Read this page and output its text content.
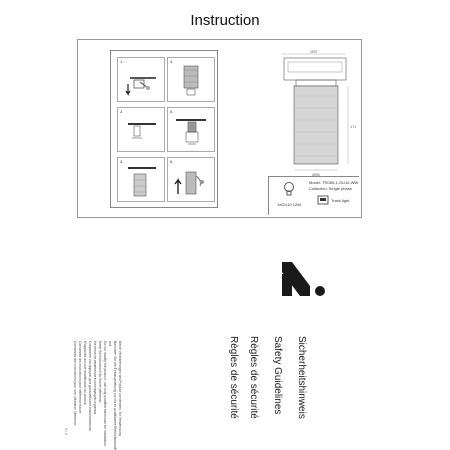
Instruction
1.	4.
2.	5.
3.	6.
Ø57
171
Ø55
Model: TR089-1-GU10-WW
Collection: Single phase
1xGU10 12W
Track light
Sicherheitshinweis
Safety Guidelines
Règles de sécurité
Règles de sécurité
Keine Veränderungen am Produkt vornehmen, für Verwendung
Benutzen Sie die Einbauanleitung nur durch qualifizierte Elektrofachkraft
auf.
Do not modify the product, use only qualified electrician for installation.
Keep the instructions for future reference.
Не вносите изменения в конструкцию изделия.
Сохраните инструкцию для дальнейшего использования.
N'apportez aucune modification au produit.
Conservez les instructions pour référence future.
Conservez les instructions pour une utilisation ultérieure.
4 / 4
